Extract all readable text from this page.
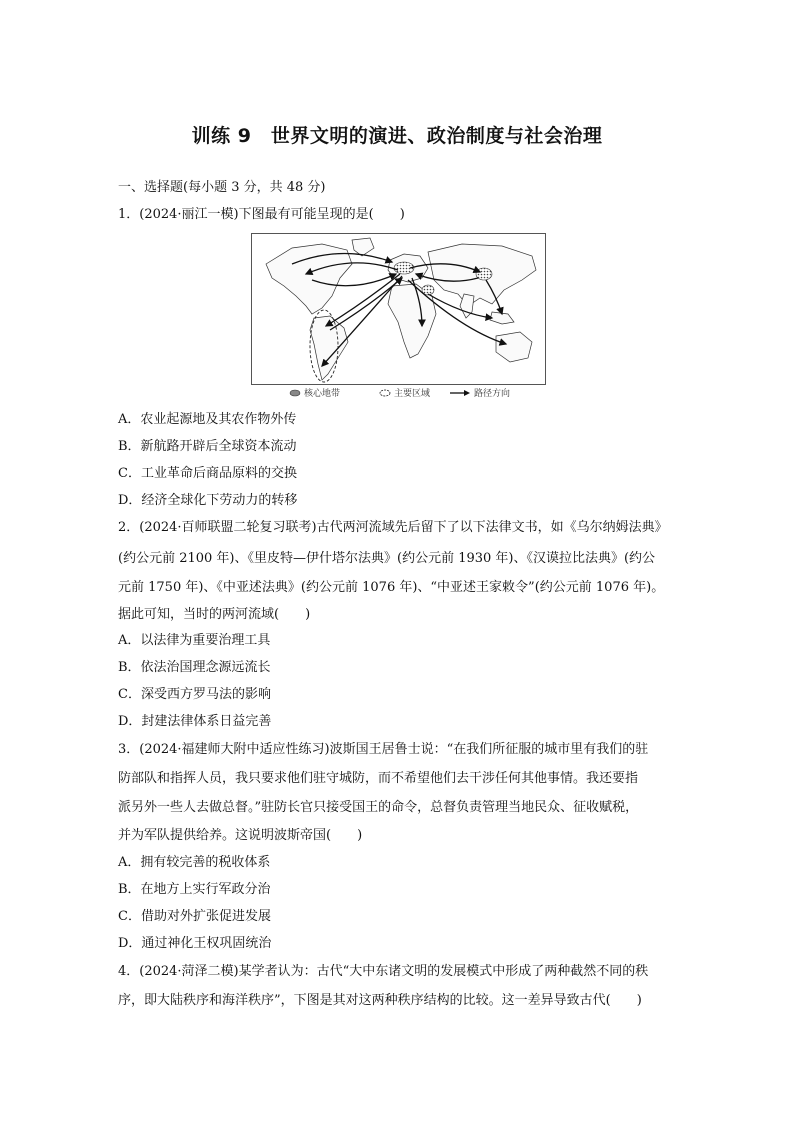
训练 9　世界文明的演进、政治制度与社会治理
一、选择题(每小题 3 分，共 48 分)
1．(2024·丽江一模)下图最有可能呈现的是(　　)
核心地带	主要区域	路径方向
A．农业起源地及其农作物外传
B．新航路开辟后全球资本流动
C．工业革命后商品原料的交换
D．经济全球化下劳动力的转移
2．(2024·百师联盟二轮复习联考)古代两河流域先后留下了以下法律文书，如《乌尔纳姆法典》
(约公元前 2100 年)、《里皮特—伊什塔尔法典》(约公元前 1930 年)、《汉谟拉比法典》(约公
元前 1750 年)、《中亚述法典》(约公元前 1076 年)、“中亚述王家敕令”(约公元前 1076 年)。
据此可知，当时的两河流域(　　)
A．以法律为重要治理工具
B．依法治国理念源远流长
C．深受西方罗马法的影响
D．封建法律体系日益完善
3．(2024·福建师大附中适应性练习)波斯国王居鲁士说：“在我们所征服的城市里有我们的驻
防部队和指挥人员，我只要求他们驻守城防，而不希望他们去干涉任何其他事情。我还要指
派另外一些人去做总督。”驻防长官只接受国王的命令，总督负责管理当地民众、征收赋税，
并为军队提供给养。这说明波斯帝国(　　)
A．拥有较完善的税收体系
B．在地方上实行军政分治
C．借助对外扩张促进发展
D．通过神化王权巩固统治
4．(2024·菏泽二模)某学者认为：古代“大中东诸文明的发展模式中形成了两种截然不同的秩
序，即大陆秩序和海洋秩序”，下图是其对这两种秩序结构的比较。这一差异导致古代(　　)
